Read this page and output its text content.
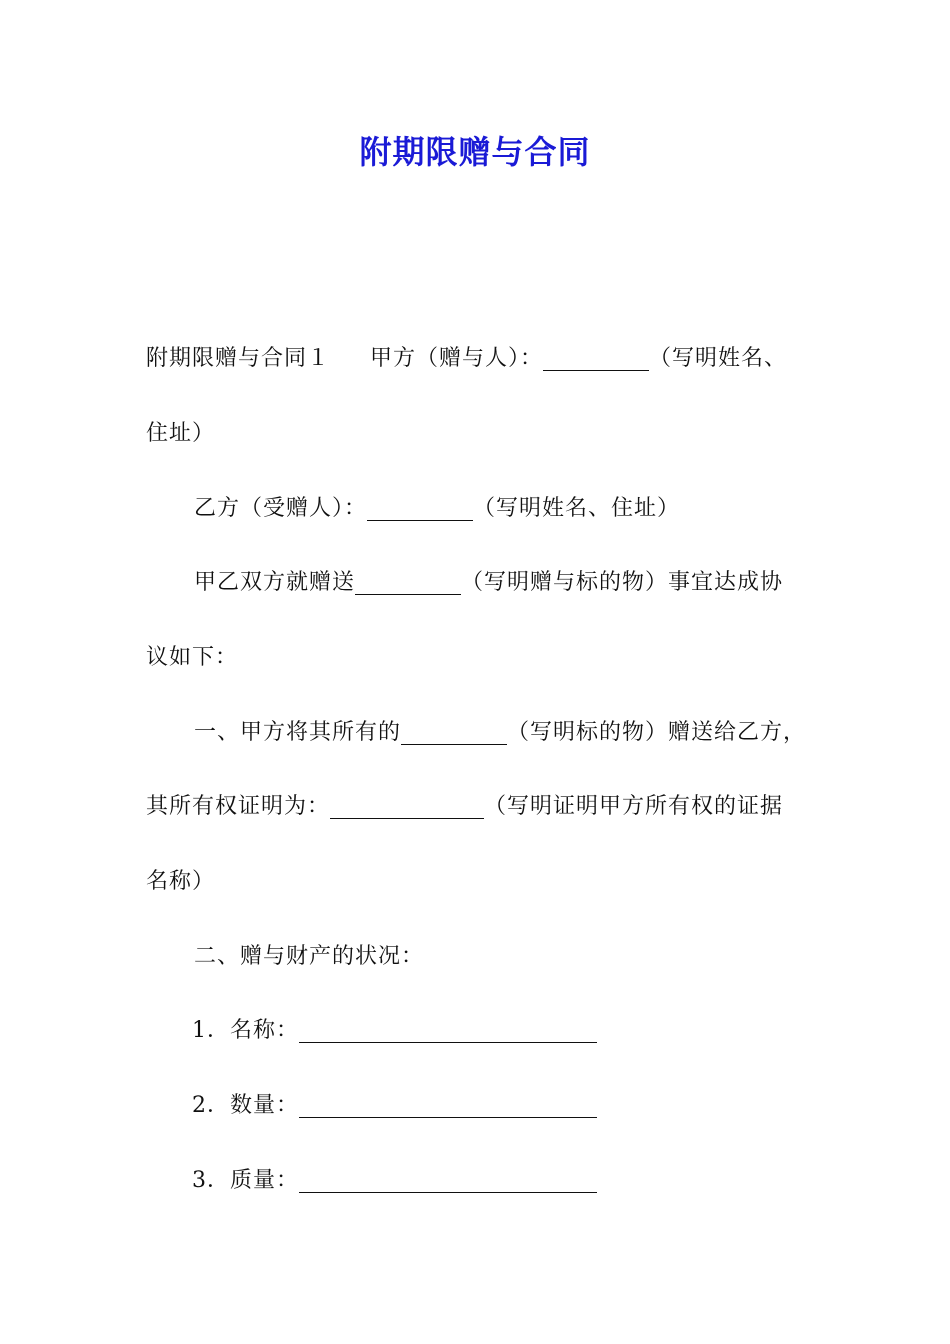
附期限赠与合同
附期限赠与合同１ 甲方（赠与人）：	（写明姓名、
住址）
乙方（受赠人）：	（写明姓名、住址）
甲乙双方就赠送	（写明赠与标的物）事宜达成协
议如下：
一、甲方将其所有的	（写明标的物）赠送给乙方，
其所有权证明为：	（写明证明甲方所有权的证据
名称）
二、赠与财产的状况：
1．名称：
2．数量：
3．质量：
